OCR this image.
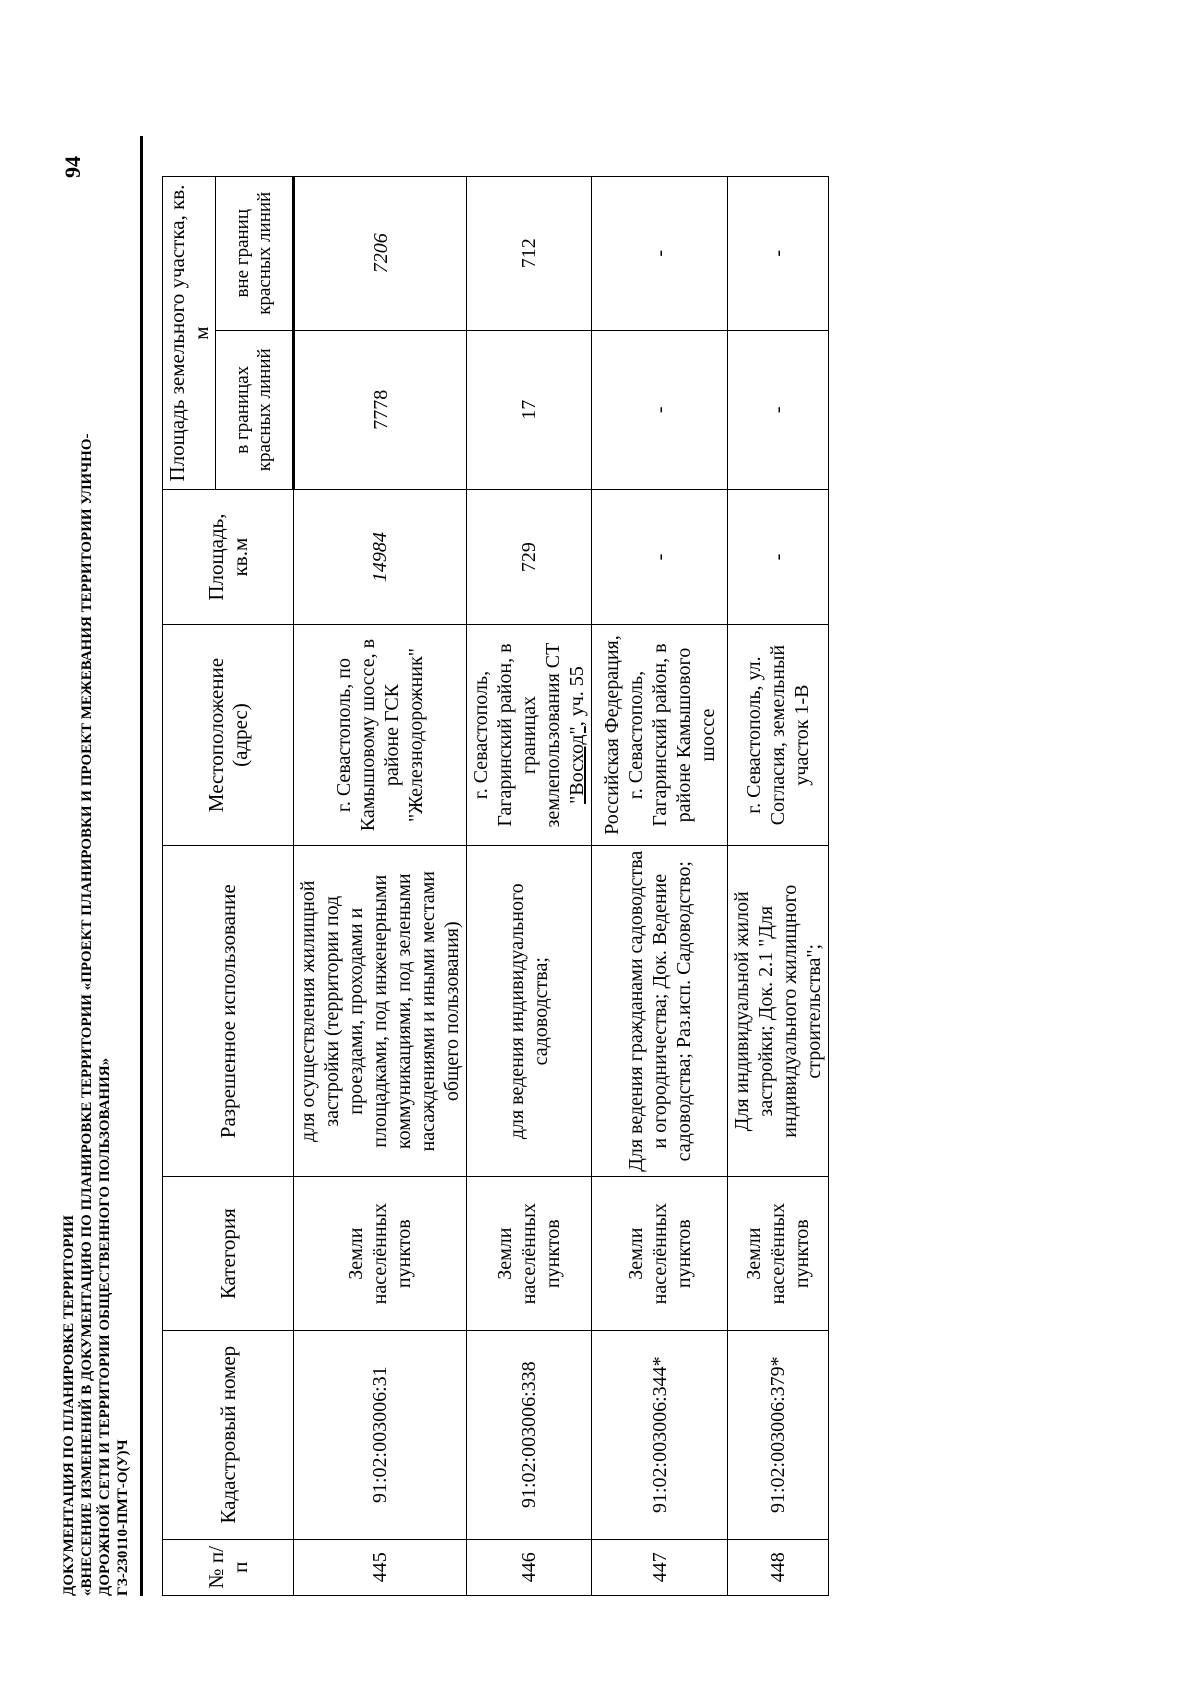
ДОКУМЕНТАЦИЯ ПО ПЛАНИРОВКЕ ТЕРРИТОРИИ «ВНЕСЕНИЕ ИЗМЕНЕНИЙ В ДОКУМЕНТАЦИЮ ПО ПЛАНИРОВКЕ ТЕРРИТОРИИ «ПРОЕКТ ПЛАНИРОВКИ И ПРОЕКТ МЕЖЕВАНИЯ ТЕРРИТОРИИ УЛИЧНО- ДОРОЖНОЙ СЕТИ И ТЕРРИТОРИИ ОБЩЕСТВЕННОГО ПОЛЬЗОВАНИЯ» ГЗ-230110-ПМТ-О(У)Ч
94
№ п/п	Кадастровый номер	Категория	Разрешенное использование	Местоположение (адрес)	Площадь, кв.м	Площадь земельного участка, кв. м	
						в границах красных линий	вне границ красных линий
445	91:02:003006:31	Земли населённых пунктов	для осуществления жилищной застройки (территории под проездами, проходами и площадками, под инженерными коммуникациями, под зелеными насаждениями и иными местами общего пользования)	г. Севастополь, по Камышовому шоссе, в районе ГСК "Железнодорожник"	14984	7778	7206
446	91:02:003006:338	Земли населённых пунктов	для ведения индивидуального садоводства;	г. Севастополь, Гагаринский район, в границах землепользования СТ "Восход", уч. 55	729	17	712
447	91:02:003006:344*	Земли населённых пунктов	Для ведения гражданами садоводства и огородничества; Док. Ведение садоводства; Раз.исп. Садоводство;	Российская Федерация, г. Севастополь, Гагаринский район, в районе Камышового шоссе	-	-	-
448	91:02:003006:379*	Земли населённых пунктов	Для индивидуальной жилой застройки; Док. 2.1 "Для индивидуального жилищного строительства";	г. Севастополь, ул. Согласия, земельный участок 1-В	-	-	-
